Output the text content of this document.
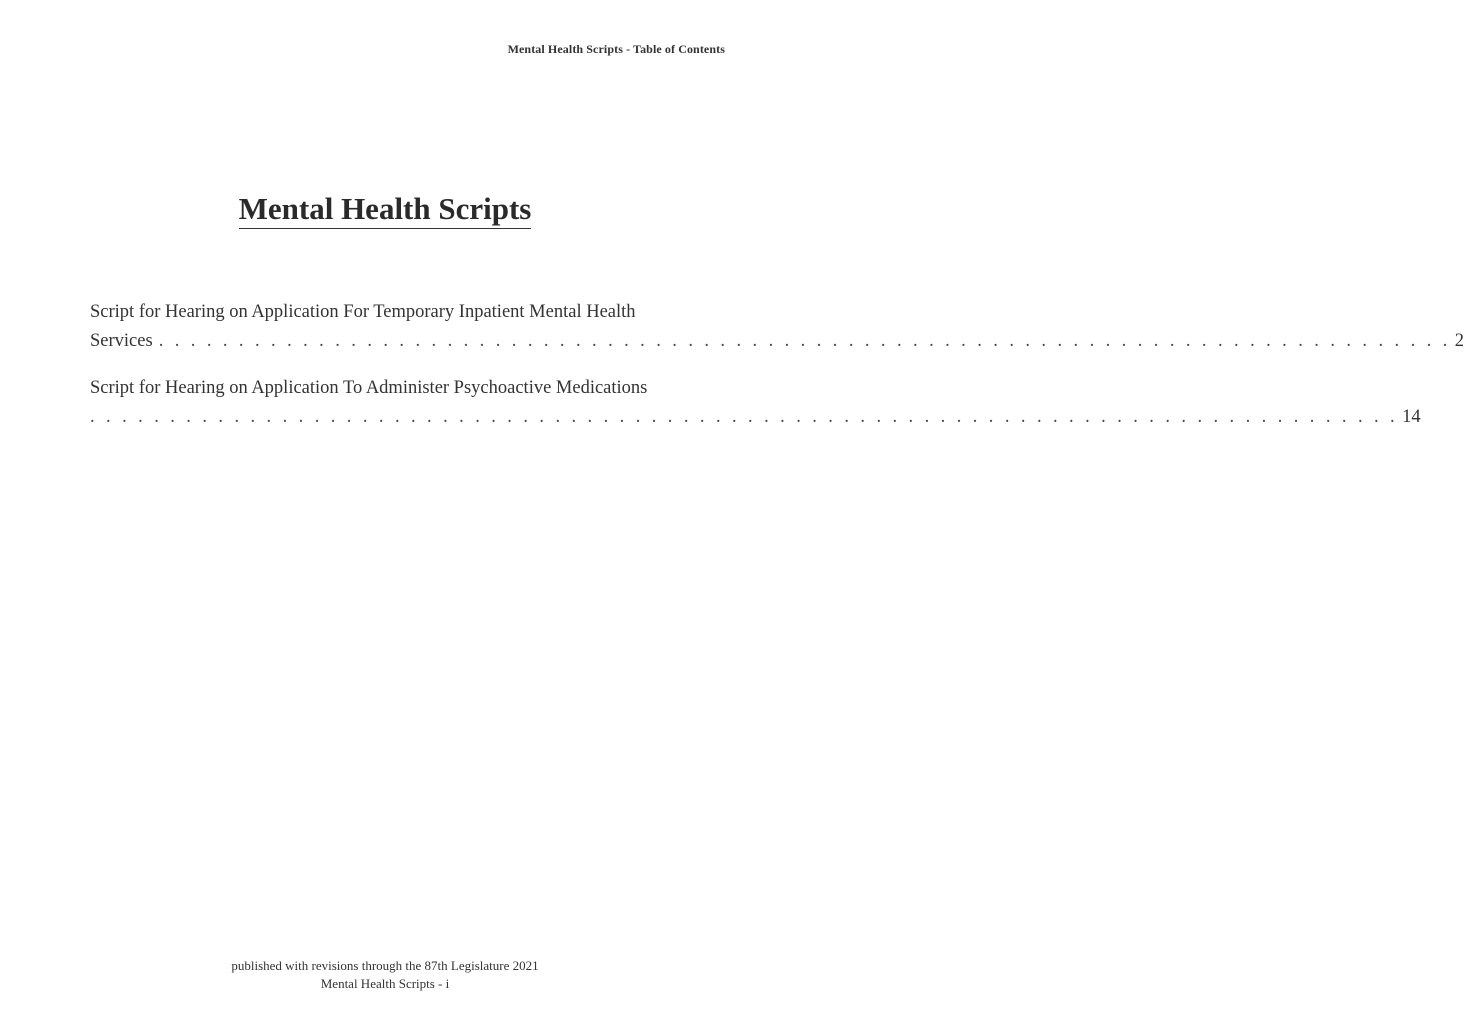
Mental Health Scripts - Table of Contents
Mental Health Scripts
Script for Hearing on Application For Temporary Inpatient Mental Health
Services . . . . . . . . . . . . . . . . . . . . . . . . . . . . . . . . . . . . . . . . . . . . . . . . . . . . . . . . . . . . . . . . . . . . . . . . . . . . . . . . . 2
Script for Hearing on Application To Administer Psychoactive Medications
. . . . . . . . . . . . . . . . . . . . . . . . . . . . . . . . . . . . . . . . . . . . . . . . . . . . . . . . . . . . . . . . . . . . . . . . . . . . . . . . . . 14
published with revisions through the 87th Legislature 2021
Mental Health Scripts - i
